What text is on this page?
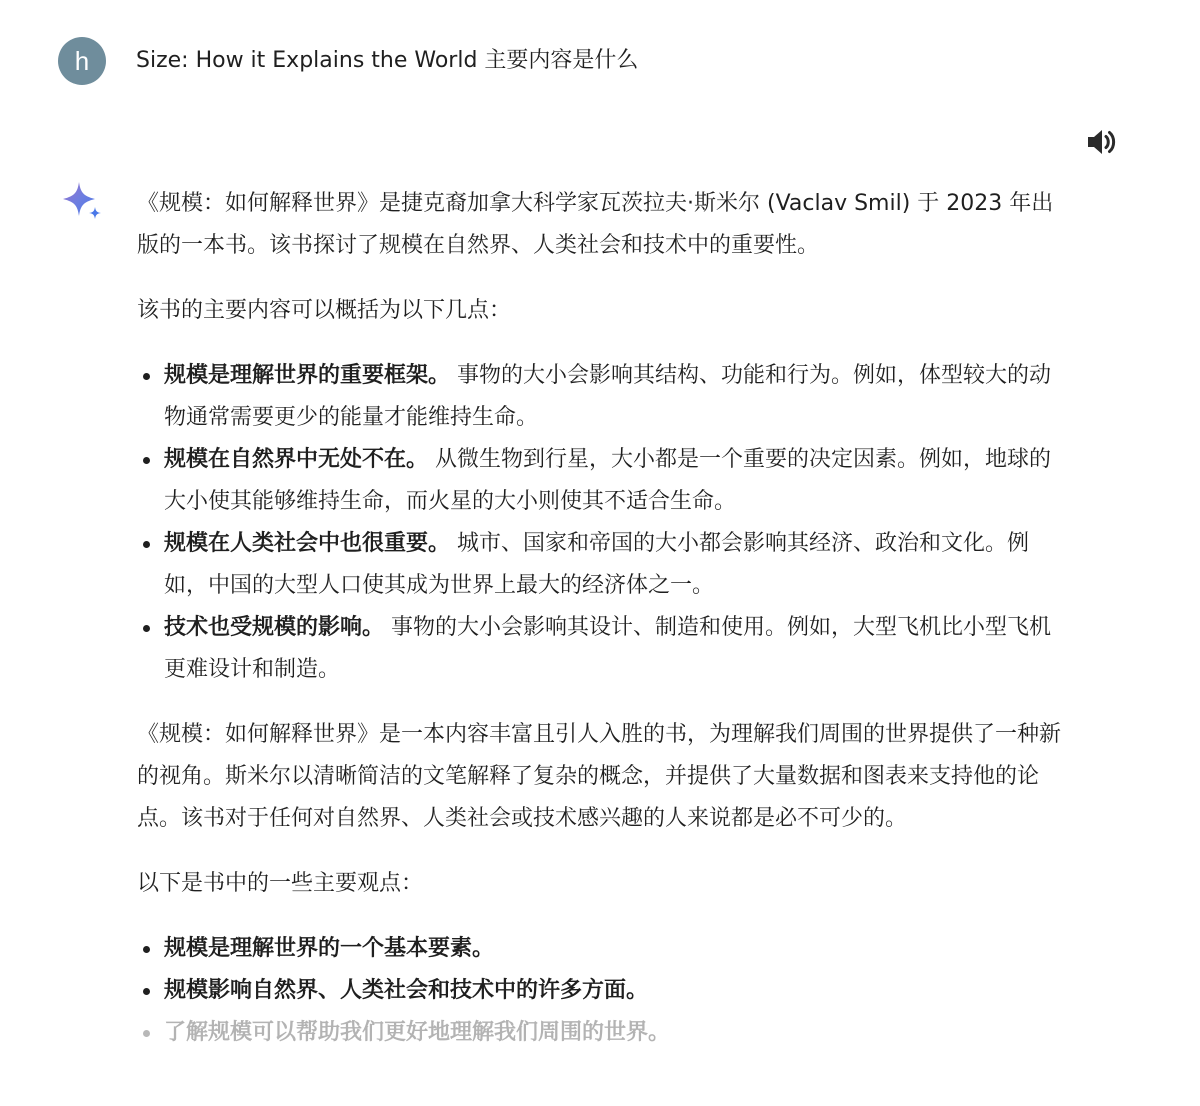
h Size: How it Explains the World 主要内容是什么

《规模：如何解释世界》是捷克裔加拿大科学家瓦茨拉夫·斯米尔 (Vaclav Smil) 于 2023 年出版的一本书。该书探讨了规模在自然界、人类社会和技术中的重要性。

该书的主要内容可以概括为以下几点：

规模是理解世界的重要框架。 事物的大小会影响其结构、功能和行为。例如，体型较大的动物通常需要更少的能量才能维持生命。
规模在自然界中无处不在。 从微生物到行星，大小都是一个重要的决定因素。例如，地球的大小使其能够维持生命，而火星的大小则使其不适合生命。
规模在人类社会中也很重要。 城市、国家和帝国的大小都会影响其经济、政治和文化。例如，中国的大型人口使其成为世界上最大的经济体之一。
技术也受规模的影响。 事物的大小会影响其设计、制造和使用。例如，大型飞机比小型飞机更难设计和制造。

《规模：如何解释世界》是一本内容丰富且引人入胜的书，为理解我们周围的世界提供了一种新的视角。斯米尔以清晰简洁的文笔解释了复杂的概念，并提供了大量数据和图表来支持他的论点。该书对于任何对自然界、人类社会或技术感兴趣的人来说都是必不可少的。

以下是书中的一些主要观点：

规模是理解世界的一个基本要素。
规模影响自然界、人类社会和技术中的许多方面。
了解规模可以帮助我们更好地理解我们周围的世界。
